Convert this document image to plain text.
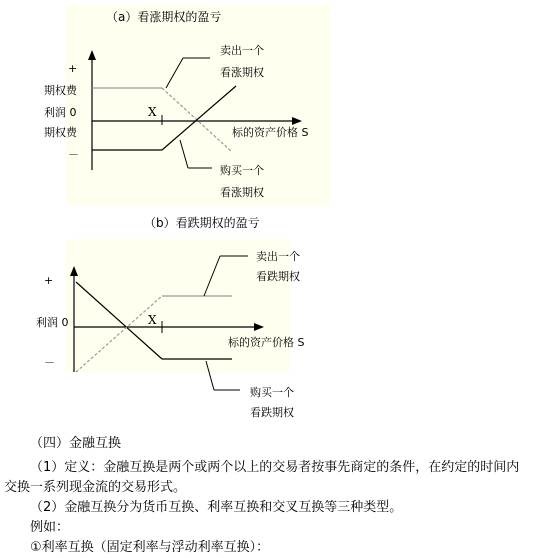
（a）看涨期权的盈亏
+
期权费
利润 0
期权费
－
X
标的资产价格 S
卖出一个
看涨期权
购买一个
看涨期权
（b）看跌期权的盈亏
+
利润 0
－
X
标的资产价格 S
卖出一个
看跌期权
购买一个
看跌期权
（四）金融互换
（1）定义：金融互换是两个或两个以上的交易者按事先商定的条件，在约定的时间内
交换一系列现金流的交易形式。
（2）金融互换分为货币互换、利率互换和交叉互换等三种类型。
例如：
①利率互换（固定利率与浮动利率互换）：
